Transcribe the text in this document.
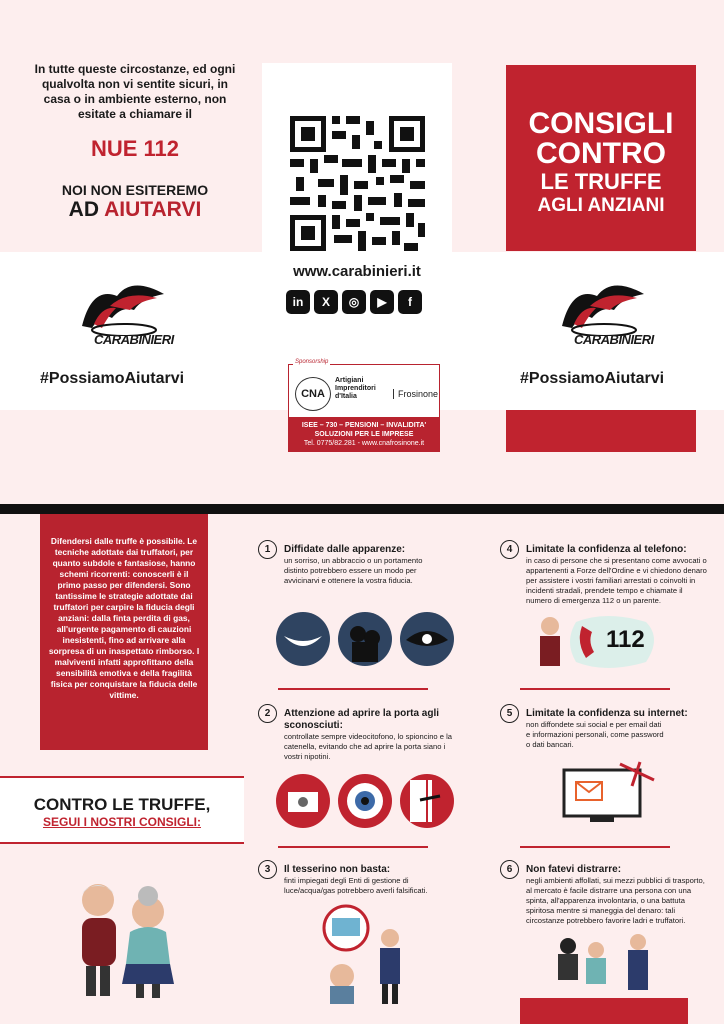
In tutte queste circostanze, ed ogni qualvolta non vi sentite sicuri, in casa o in ambiente esterno, non esitate a chiamare il
NUE 112
NOI NON ESITEREMO
AD AIUTARVI
CARABINIERI
#PossiamoAiutarvi
www.carabinieri.it
in	X	◎	▶	f
Sponsorship
CNA
Artigiani Imprenditori d'Italia	Frosinone
ISEE – 730 – PENSIONI – INVALIDITA'
SOLUZIONI PER LE IMPRESE
Tel. 0775/82.281 - www.cnafrosinone.it
CONSIGLI
CONTRO
LE TRUFFE
AGLI ANZIANI
CARABINIERI
#PossiamoAiutarvi
Difendersi dalle truffe è possibile. Le tecniche adottate dai truffatori, per quanto subdole e fantasiose, hanno schemi ricorrenti: conoscerli è il primo passo per difendersi. Sono tantissime le strategie adottate dai truffatori per carpire la fiducia degli anziani: dalla finta perdita di gas, all'urgente pagamento di cauzioni inesistenti, fino ad arrivare alla sorpresa di un inaspettato rimborso. I malviventi infatti approfittano della sensibilità emotiva e della fragilità fisica per conquistare la fiducia delle vittime.
CONTRO LE TRUFFE,
SEGUI I NOSTRI CONSIGLI:
1	Diffidate dalle apparenze:
un sorriso, un abbraccio o un portamento distinto potrebbero essere un modo per avvicinarvi e ottenere la vostra fiducia.
2	Attenzione ad aprire la porta agli sconosciuti:
controllate sempre videocitofono, lo spioncino e la catenella, evitando che ad aprire la porta siano i vostri nipotini.
3	Il tesserino non basta:
finti impiegati degli Enti di gestione di luce/acqua/gas potrebbero averli falsificati.
4	Limitate la confidenza al telefono:
in caso di persone che si presentano come avvocati o appartenenti a Forze dell'Ordine e vi chiedono denaro per assistere i vostri familiari arrestati o coinvolti in incidenti stradali, prendete tempo e chiamate il numero di emergenza 112 o un parente.
112
5	Limitate la confidenza su internet:
non diffondete sui social e per email dati e informazioni personali, come password o dati bancari.
6	Non fatevi distrarre:
negli ambienti affollati, sui mezzi pubblici di trasporto, al mercato è facile distrarre una persona con una spinta, all'apparenza involontaria, o una battuta spiritosa mentre si maneggia del denaro: tali circostanze potrebbero favorire ladri e truffatori.
